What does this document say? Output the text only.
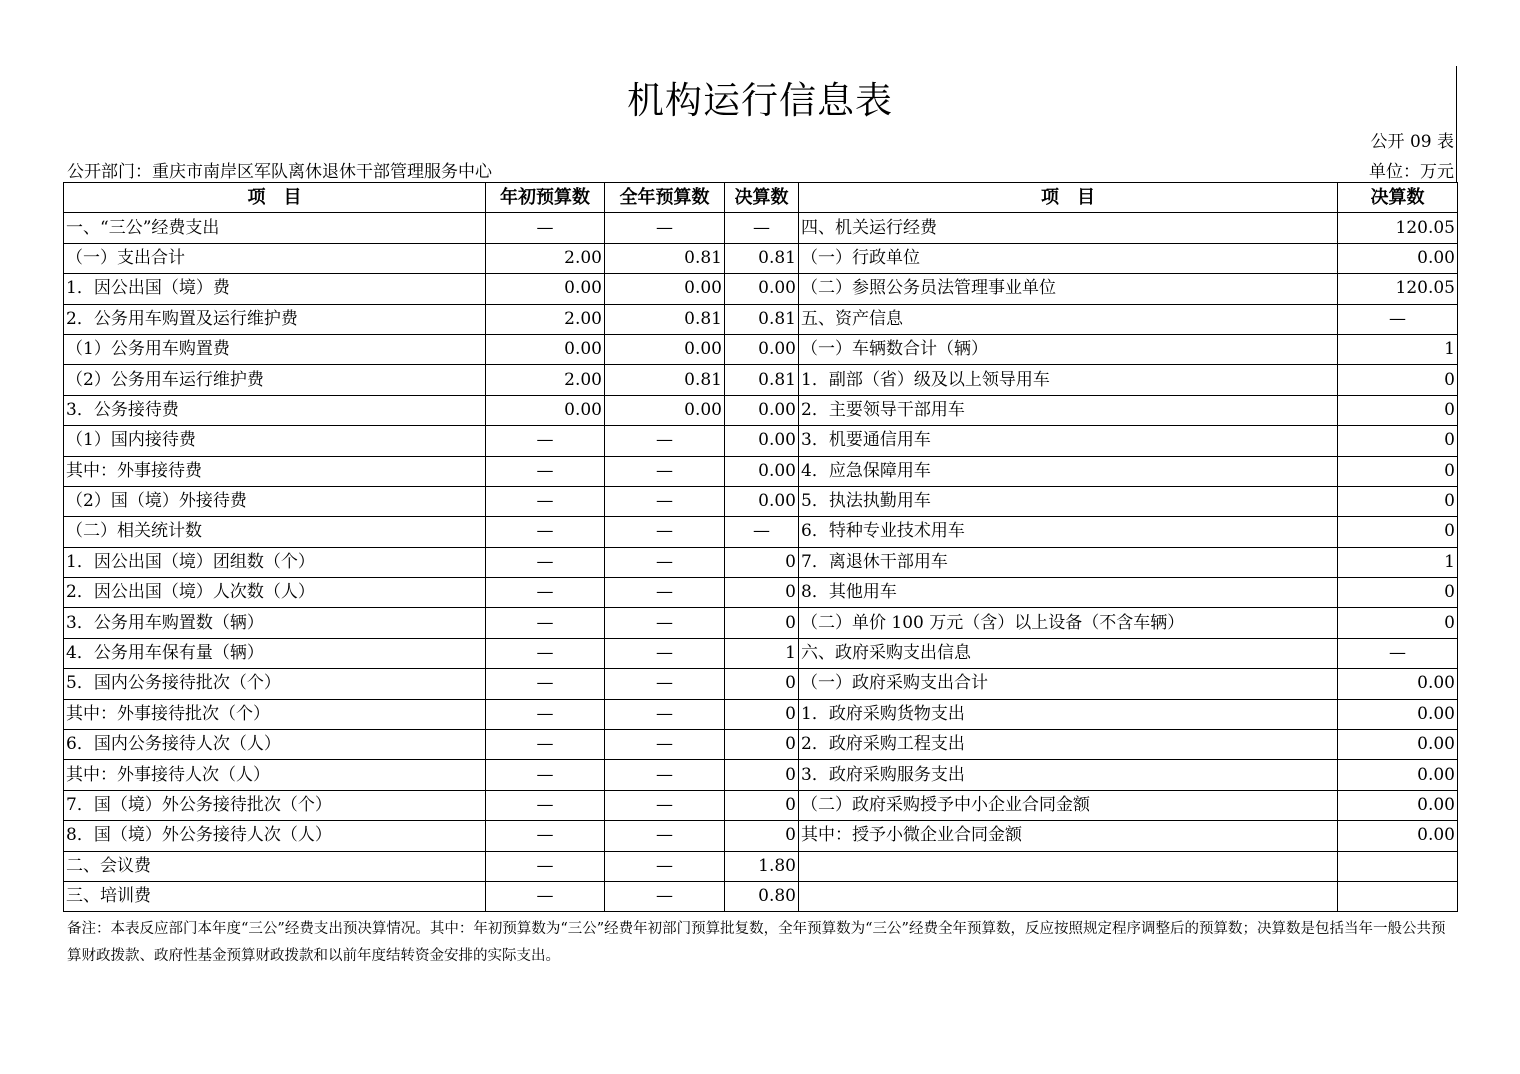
机构运行信息表
公开 09 表
公开部门：重庆市南岸区军队离休退休干部管理服务中心	单位：万元
项　目	年初预算数	全年预算数	决算数	项　目	决算数
一、“三公”经费支出	—	—	—	四、机关运行经费	120.05
（一）支出合计	2.00	0.81	0.81	（一）行政单位	0.00
1．因公出国（境）费	0.00	0.00	0.00	（二）参照公务员法管理事业单位	120.05
2．公务用车购置及运行维护费	2.00	0.81	0.81	五、资产信息	—
（1）公务用车购置费	0.00	0.00	0.00	（一）车辆数合计（辆）	1
（2）公务用车运行维护费	2.00	0.81	0.81	1．副部（省）级及以上领导用车	0
3．公务接待费	0.00	0.00	0.00	2．主要领导干部用车	0
（1）国内接待费	—	—	0.00	3．机要通信用车	0
其中：外事接待费	—	—	0.00	4．应急保障用车	0
（2）国（境）外接待费	—	—	0.00	5．执法执勤用车	0
（二）相关统计数	—	—	—	6．特种专业技术用车	0
1．因公出国（境）团组数（个）	—	—	0	7．离退休干部用车	1
2．因公出国（境）人次数（人）	—	—	0	8．其他用车	0
3．公务用车购置数（辆）	—	—	0	（二）单价 100 万元（含）以上设备（不含车辆）	0
4．公务用车保有量（辆）	—	—	1	六、政府采购支出信息	—
5．国内公务接待批次（个）	—	—	0	（一）政府采购支出合计	0.00
其中：外事接待批次（个）	—	—	0	1．政府采购货物支出	0.00
6．国内公务接待人次（人）	—	—	0	2．政府采购工程支出	0.00
其中：外事接待人次（人）	—	—	0	3．政府采购服务支出	0.00
7．国（境）外公务接待批次（个）	—	—	0	（二）政府采购授予中小企业合同金额	0.00
8．国（境）外公务接待人次（人）	—	—	0	其中：授予小微企业合同金额	0.00
二、会议费	—	—	1.80		
三、培训费	—	—	0.80		
备注：本表反应部门本年度“三公”经费支出预决算情况。其中：年初预算数为“三公”经费年初部门预算批复数，全年预算数为“三公”经费全年预算数，反应按照规定程序调整后的预算数；决算数是包括当年一般公共预算财政拨款、政府性基金预算财政拨款和以前年度结转资金安排的实际支出。
